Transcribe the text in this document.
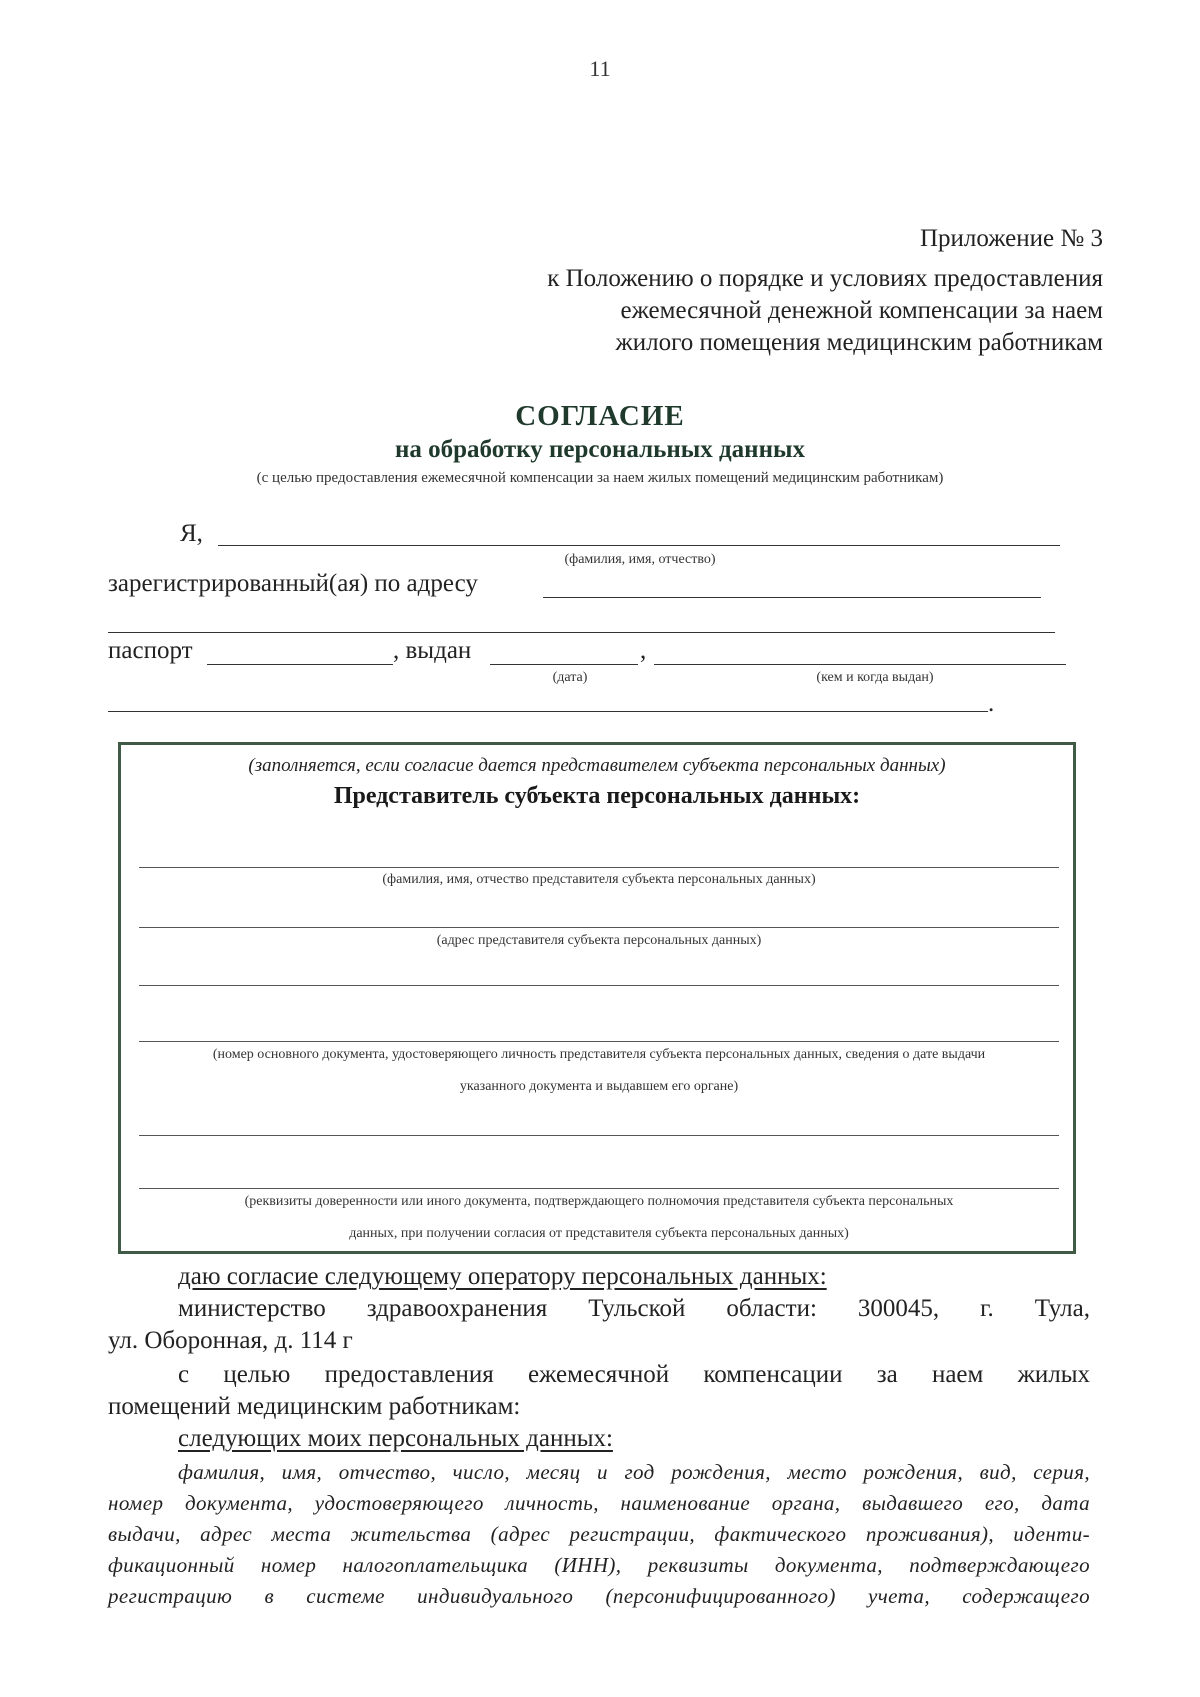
11
Приложение № 3
к Положению о порядке и условиях предоставления
ежемесячной денежной компенсации за наем
жилого помещения медицинским работникам
СОГЛАСИЕ
на обработку персональных данных
(с целью предоставления ежемесячной компенсации за наем жилых помещений медицинским работникам)
Я,
(фамилия, имя, отчество)
зарегистрированный(ая) по адресу
паспорт	, выдан	,
(дата)	(кем и когда выдан)
.
(заполняется, если согласие дается представителем субъекта персональных данных)
Представитель субъекта персональных данных:
(фамилия, имя, отчество представителя субъекта персональных данных)
(адрес представителя субъекта персональных данных)
(номер основного документа, удостоверяющего личность представителя субъекта персональных данных, сведения о дате выдачи
указанного документа и выдавшем его органе)
(реквизиты доверенности или иного документа, подтверждающего полномочия представителя субъекта персональных
данных, при получении согласия от представителя субъекта персональных данных)
даю согласие следующему оператору персональных данных:
министерство здравоохранения Тульской области: 300045, г. Тула,
ул. Оборонная, д. 114 г
с целью предоставления ежемесячной компенсации за наем жилых
помещений медицинским работникам:
следующих моих персональных данных:
фамилия, имя, отчество, число, месяц и год рождения, место рождения, вид, серия,
номер документа, удостоверяющего личность, наименование органа, выдавшего его, дата
выдачи, адрес места жительства (адрес регистрации, фактического проживания), иденти-
фикационный номер налогоплательщика (ИНН), реквизиты документа, подтверждающего
регистрацию в системе индивидуального (персонифицированного) учета, содержащего
